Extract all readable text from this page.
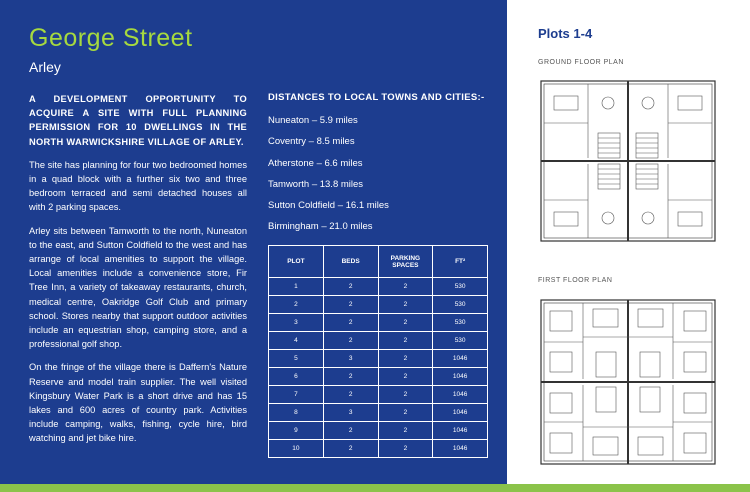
George Street
Arley

A DEVELOPMENT OPPORTUNITY TO ACQUIRE A SITE WITH FULL PLANNING PERMISSION FOR 10 DWELLINGS IN THE NORTH WARWICKSHIRE VILLAGE OF ARLEY.

The site has planning for four two bedroomed homes in a quad block with a further six two and three bedroom terraced and semi detached houses all with 2 parking spaces.

Arley sits between Tamworth to the north, Nuneaton to the east, and Sutton Coldfield to the west and has arrange of local amenities to support the village. Local amenities include a convenience store, Fir Tree Inn, a variety of takeaway restaurants, church, medical centre, Oakridge Golf Club and primary school. Stores nearby that support outdoor activities include an equestrian shop, camping store, and a professional golf shop.

On the fringe of the village there is Daffern's Nature Reserve and model train supplier. The well visited Kingsbury Water Park is a short drive and has 15 lakes and 600 acres of country park. Activities include camping, walks, fishing, cycle hire, bird watching and jet bike hire.

DISTANCES TO LOCAL TOWNS AND CITIES:-
Nuneaton – 5.9 miles
Coventry – 8.5 miles
Atherstone – 6.6 miles
Tamworth – 13.8 miles
Sutton Coldfield – 16.1 miles
Birmingham – 21.0 miles
PLOT	BEDS	PARKING SPACES	FT²
1	2	2	530
2	2	2	530
3	2	2	530
4	2	2	530
5	3	2	1046
6	2	2	1046
7	2	2	1046
8	3	2	1046
9	2	2	1046
10	2	2	1046
Plots 1-4
GROUND FLOOR PLAN
FIRST FLOOR PLAN
